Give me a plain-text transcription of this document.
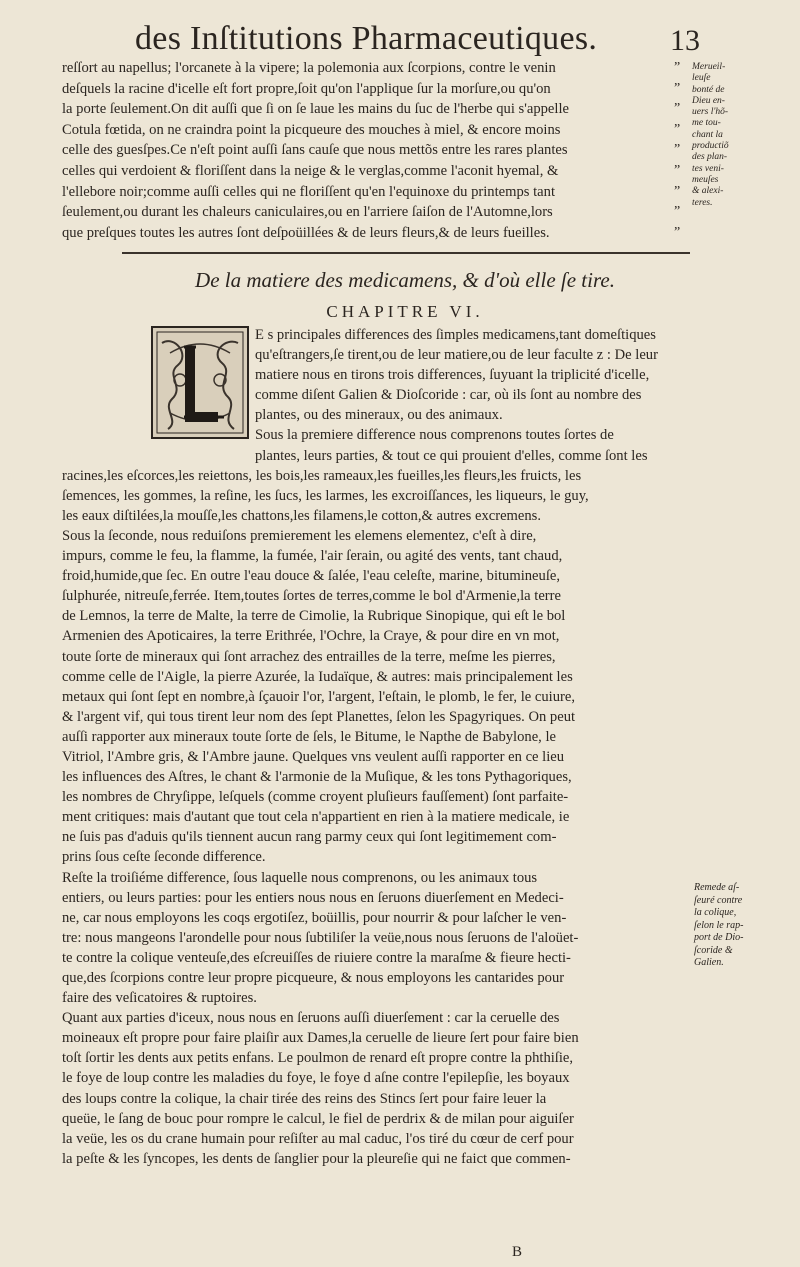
des Inſtitutions Pharmaceutiques. 13
reſſort au napellus; l'orcanete à la vipere; la polemonia aux ſcorpions, contre le venin
deſquels la racine d'icelle eſt fort propre,ſoit qu'on l'applique ſur la morſure,ou qu'on
la porte ſeulement.On dit auſſi que ſi on ſe laue les mains du ſuc de l'herbe qui s'appelle
Cotula fœtida, on ne craindra point la picqueure des mouches à miel, & encore moins
celle des guesſpes.Ce n'eſt point auſſi ſans cauſe que nous mettõs entre les rares plantes
celles qui verdoient & floriſſent dans la neige & le verglas,comme l'aconit hyemal, &
l'ellebore noir;comme auſſi celles qui ne floriſſent qu'en l'equinoxe du printemps tant
ſeulement,ou durant les chaleurs caniculaires,ou en l'arriere ſaiſon de l'Automne,lors
que preſques toutes les autres ſont deſpoüillées & de leurs fleurs,& de leurs fueilles.
”
”
”
”
”
”
”
”
”
Merueil-
leuſe
bonté de
Dieu en-
uers l'hõ-
me tou-
chant la
productiõ
des plan-
tes veni-
meuſes
& alexi-
teres.
De la matiere des medicamens, & d'où elle ſe tire.
CHAPITRE VI.
E s principales differences des ſimples medicamens,tant domeſtiques
qu'eſtrangers,ſe tirent,ou de leur matiere,ou de leur faculte z : De leur
matiere nous en tirons trois differences, ſuyuant la triplicité d'icelle,
comme diſent Galien & Dioſcoride : car, où ils ſont au nombre des
plantes, ou des mineraux, ou des animaux.
Sous la premiere difference nous comprenons toutes ſortes de
plantes, leurs parties, & tout ce qui prouient d'elles, comme ſont les
racines,les eſcorces,les reiettons, les bois,les rameaux,les fueilles,les fleurs,les fruicts, les
ſemences, les gommes, la reſine, les ſucs, les larmes, les excroiſſances, les liqueurs, le guy,
les eaux diſtilées,la mouſſe,les chattons,les filamens,le cotton,& autres excremens.
Sous la ſeconde, nous reduiſons premierement les elemens elementez, c'eſt à dire,
impurs, comme le feu, la flamme, la fumée, l'air ſerain, ou agité des vents, tant chaud,
froid,humide,que ſec. En outre l'eau douce & ſalée, l'eau celeſte, marine, bitumineuſe,
ſulphurée, nitreuſe,ferrée. Item,toutes ſortes de terres,comme le bol d'Armenie,la terre
de Lemnos, la terre de Malte, la terre de Cimolie, la Rubrique Sinopique, qui eſt le bol
Armenien des Apoticaires, la terre Erithrée, l'Ochre, la Craye, & pour dire en vn mot,
toute ſorte de mineraux qui ſont arrachez des entrailles de la terre, meſme les pierres,
comme celle de l'Aigle, la pierre Azurée, la Iudaïque, & autres: mais principalement les
metaux qui ſont ſept en nombre,à ſçauoir l'or, l'argent, l'eſtain, le plomb, le fer, le cuiure,
& l'argent vif, qui tous tirent leur nom des ſept Planettes, ſelon les Spagyriques. On peut
auſſi rapporter aux mineraux toute ſorte de ſels, le Bitume, le Napthe de Babylone, le
Vitriol, l'Ambre gris, & l'Ambre jaune. Quelques vns veulent auſſi rapporter en ce lieu
les influences des Aſtres, le chant & l'armonie de la Muſique, & les tons Pythagoriques,
les nombres de Chryſippe, leſquels (comme croyent pluſieurs fauſſement) ſont parfaite-
ment critiques: mais d'autant que tout cela n'appartient en rien à la matiere medicale, ie
ne ſuis pas d'aduis qu'ils tiennent aucun rang parmy ceux qui ſont legitimement com-
prins ſous ceſte ſeconde difference.
Reſte la troiſiéme difference, ſous laquelle nous comprenons, ou les animaux tous
entiers, ou leurs parties: pour les entiers nous nous en ſeruons diuerſement en Medeci-
ne, car nous employons les coqs ergotiſez, boüillis, pour nourrir & pour laſcher le ven-
tre: nous mangeons l'arondelle pour nous ſubtiliſer la veüe,nous nous ſeruons de l'aloüet-
te contre la colique venteuſe,des eſcreuiſſes de riuiere contre la maraſme & fieure hecti-
que,des ſcorpions contre leur propre picqueure, & nous employons les cantarides pour
faire des veſicatoires & ruptoires.
Quant aux parties d'iceux, nous nous en ſeruons auſſi diuerſement : car la ceruelle des
moineaux eſt propre pour faire plaiſir aux Dames,la ceruelle de lieure ſert pour faire bien
toſt ſortir les dents aux petits enfans. Le poulmon de renard eſt propre contre la phthiſie,
le foye de loup contre les maladies du foye, le foye d aſne contre l'epilepſie, les boyaux
des loups contre la colique, la chair tirée des reins des Stincs ſert pour faire leuer la
queüe, le ſang de bouc pour rompre le calcul, le fiel de perdrix & de milan pour aiguiſer
la veüe, les os du crane humain pour reſiſter au mal caduc, l'os tiré du cœur de cerf pour
la peſte & les ſyncopes, les dents de ſanglier pour la pleureſie qui ne faict que commen-
Remede aſ-
ſeuré contre
la colique,
ſelon le rap-
port de Dio-
ſcoride &
Galien.
B
